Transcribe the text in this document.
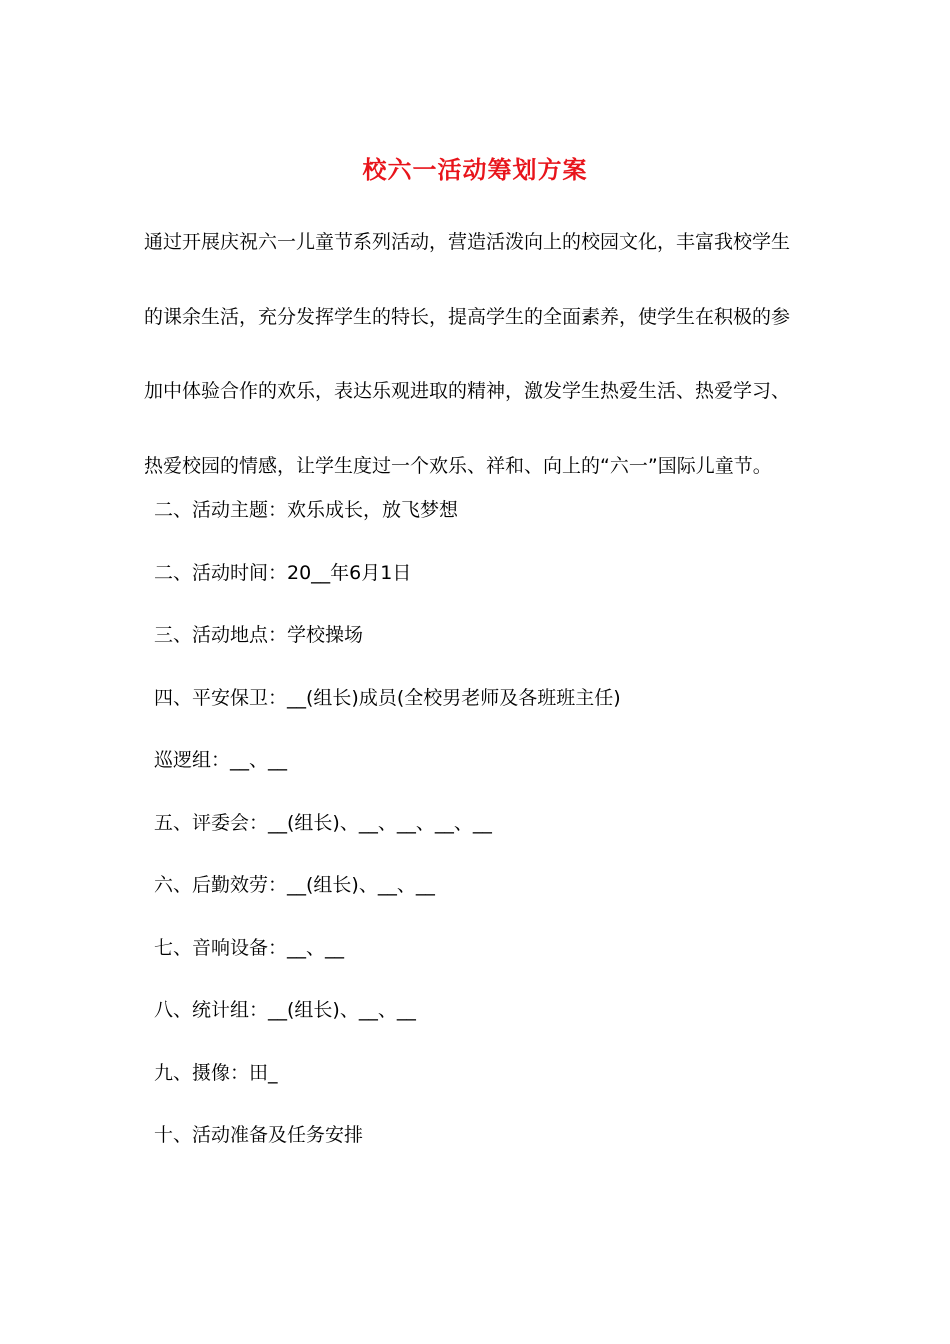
校六一活动筹划方案
通过开展庆祝六一儿童节系列活动，营造活泼向上的校园文化，丰富我校学生
的课余生活，充分发挥学生的特长，提高学生的全面素养，使学生在积极的参
加中体验合作的欢乐，表达乐观进取的精神，激发学生热爱生活、热爱学习、
热爱校园的情感，让学生度过一个欢乐、祥和、向上的“六一”国际儿童节。
二、活动主题：欢乐成长，放飞梦想
二、活动时间：20__年6月1日
三、活动地点：学校操场
四、平安保卫：__(组长)成员(全校男老师及各班班主任)
巡逻组：__、__
五、评委会：__(组长)、__、__、__、__
六、后勤效劳：__(组长)、__、__
七、音响设备：__、__
八、统计组：__(组长)、__、__
九、摄像：田_
十、活动准备及任务安排
